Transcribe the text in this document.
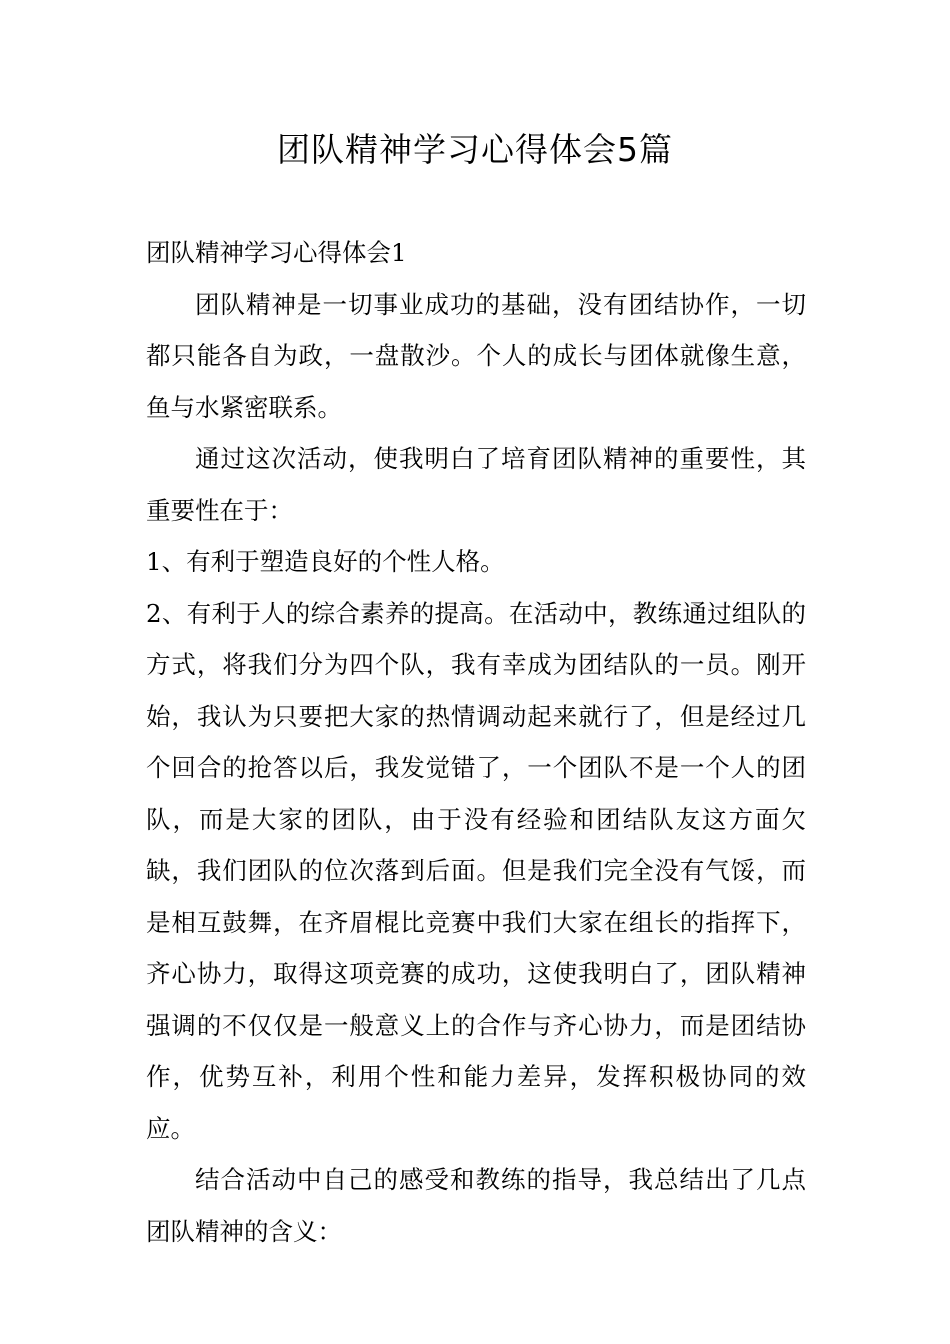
团队精神学习心得体会5篇

团队精神学习心得体会1

团队精神是一切事业成功的基础，没有团结协作，一切都只能各自为政，一盘散沙。个人的成长与团体就像生意，鱼与水紧密联系。

通过这次活动，使我明白了培育团队精神的重要性，其重要性在于：

1、有利于塑造良好的个性人格。

2、有利于人的综合素养的提高。在活动中，教练通过组队的方式，将我们分为四个队，我有幸成为团结队的一员。刚开始，我认为只要把大家的热情调动起来就行了，但是经过几个回合的抢答以后，我发觉错了，一个团队不是一个人的团队，而是大家的团队，由于没有经验和团结队友这方面欠缺，我们团队的位次落到后面。但是我们完全没有气馁，而是相互鼓舞，在齐眉棍比竞赛中我们大家在组长的指挥下，齐心协力，取得这项竞赛的成功，这使我明白了，团队精神强调的不仅仅是一般意义上的合作与齐心协力，而是团结协作，优势互补，利用个性和能力差异，发挥积极协同的效应。

结合活动中自己的感受和教练的指导，我总结出了几点团队精神的含义：
